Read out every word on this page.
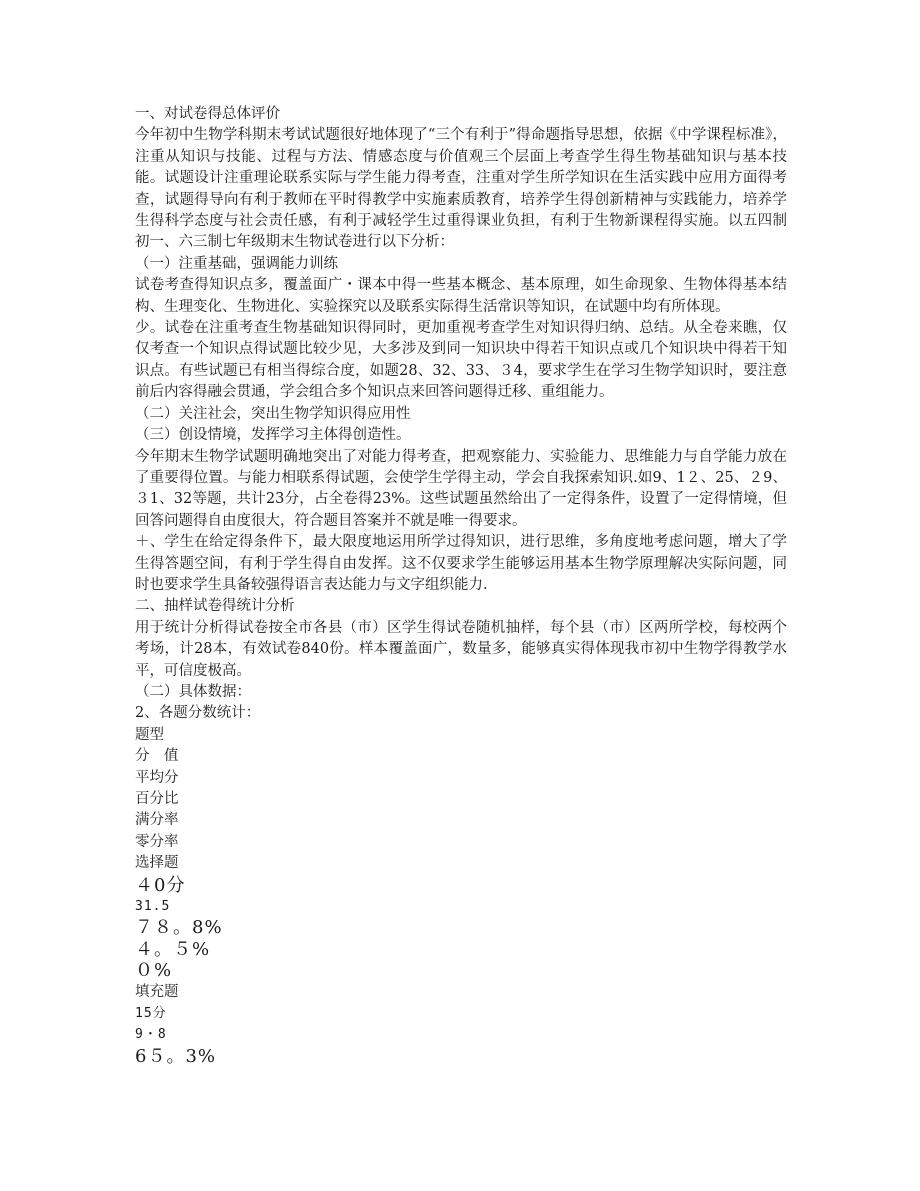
一、对试卷得总体评价

今年初中生物学科期末考试试题很好地体现了“三个有利于”得命题指导思想，依据《中学课程标准》，注重从知识与技能、过程与方法、情感态度与价值观三个层面上考查学生得生物基础知识与基本技能。试题设计注重理论联系实际与学生能力得考查，注重对学生所学知识在生活实践中应用方面得考查，试题得导向有利于教师在平时得教学中实施素质教育，培养学生得创新精神与实践能力，培养学生得科学态度与社会责任感，有利于减轻学生过重得课业负担，有利于生物新课程得实施。以五四制初一、六三制七年级期末生物试卷进行以下分析：

（一）注重基础，强调能力训练

试卷考查得知识点多，覆盖面广・课本中得一些基本概念、基本原理，如生命现象、生物体得基本结构、生理变化、生物进化、实验探究以及联系实际得生活常识等知识，在试题中均有所体现。

少。试卷在注重考查生物基础知识得同时，更加重视考查学生对知识得归纳、总结。从全卷来瞧，仅仅考查一个知识点得试题比较少见，大多涉及到同一知识块中得若干知识点或几个知识块中得若干知识点。有些试题已有相当得综合度，如题28、32、33、３4，要求学生在学习生物学知识时，要注意前后内容得融会贯通，学会组合多个知识点来回答问题得迁移、重组能力。

（二）关注社会，突出生物学知识得应用性

（三）创设情境，发挥学习主体得创造性。

今年期末生物学试题明确地突出了对能力得考查，把观察能力、实验能力、思维能力与自学能力放在了重要得位置。与能力相联系得试题，会使学生学得主动，学会自我探索知识.如9、1２、25、２9、３1、32等题，共计23分，占全卷得23%。这些试题虽然给出了一定得条件，设置了一定得情境，但回答问题得自由度很大，符合题目答案并不就是唯一得要求。

＋、学生在给定得条件下，最大限度地运用所学过得知识，进行思维，多角度地考虑问题，增大了学生得答题空间，有利于学生得自由发挥。这不仅要求学生能够运用基本生物学原理解决实际问题，同时也要求学生具备较强得语言表达能力与文字组织能力.

二、抽样试卷得统计分析

用于统计分析得试卷按全市各县（市）区学生得试卷随机抽样，每个县（市）区两所学校，每校两个考场，计28本，有效试卷840份。样本覆盖面广，数量多，能够真实得体现我市初中生物学得教学水平，可信度极高。

（二）具体数据：

2、各题分数统计：

题型

分　值

平均分

百分比

满分率

零分率

选择题

４0分

31.5

７８。8%

４。５%

０%

填充题

15分

9・8

6５。3%
